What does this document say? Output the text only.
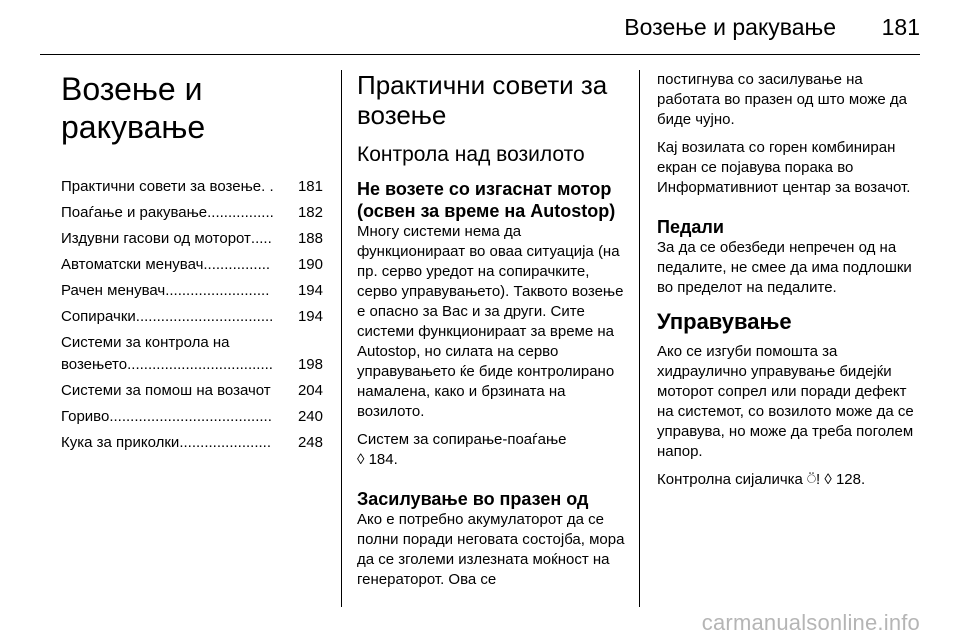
Возење и ракување 181
Возење и ракување
Практични совети за возење . . 181
Поаѓање и ракување ................ 182
Издувни гасови од моторот ..... 188
Автоматски менувач ................ 190
Рачен менувач ......................... 194
Сопирачки ................................. 194
Системи за контрола на
возењето ................................... 198
Системи за помош на возачот 204
Гориво ....................................... 240
Кука за приколки ...................... 248
Практични совети за возење
Контрола над возилото
Не возете со изгаснат мотор (освен за време на Autostop)

Многу системи нема да функционираат во оваа ситуација (на пр. серво уредот на сопирачките, серво управувањето). Таквото возење е опасно за Вас и за други. Сите системи функционираат за време на Autostop, но силата на серво управувањето ќе биде контролирано намалена, како и брзината на возилото.

Систем за сопирање-поаѓање

◊ 184.

Засилување во празен од

Ако е потребно акумулаторот да се полни поради неговата состојба, мора да се зголеми излезната моќност на генераторот. Ова се

постигнува со засилување на работата во празен од што може да биде чујно.

Кај возилата со горен комбиниран екран се појавува порака во Информативниот центар за возачот.

Педали

За да се обезбеди непречен од на педалите, не смее да има подлошки во пределот на педалите.

Управување

Ако се изгуби помошта за хидраулично управување бидејќи моторот сопрел или поради дефект на системот, со возилото може да се управува, но може да треба поголем напор.

Контролна сијаличка ⍥! ◊ 128.

carmanualsonline.info
